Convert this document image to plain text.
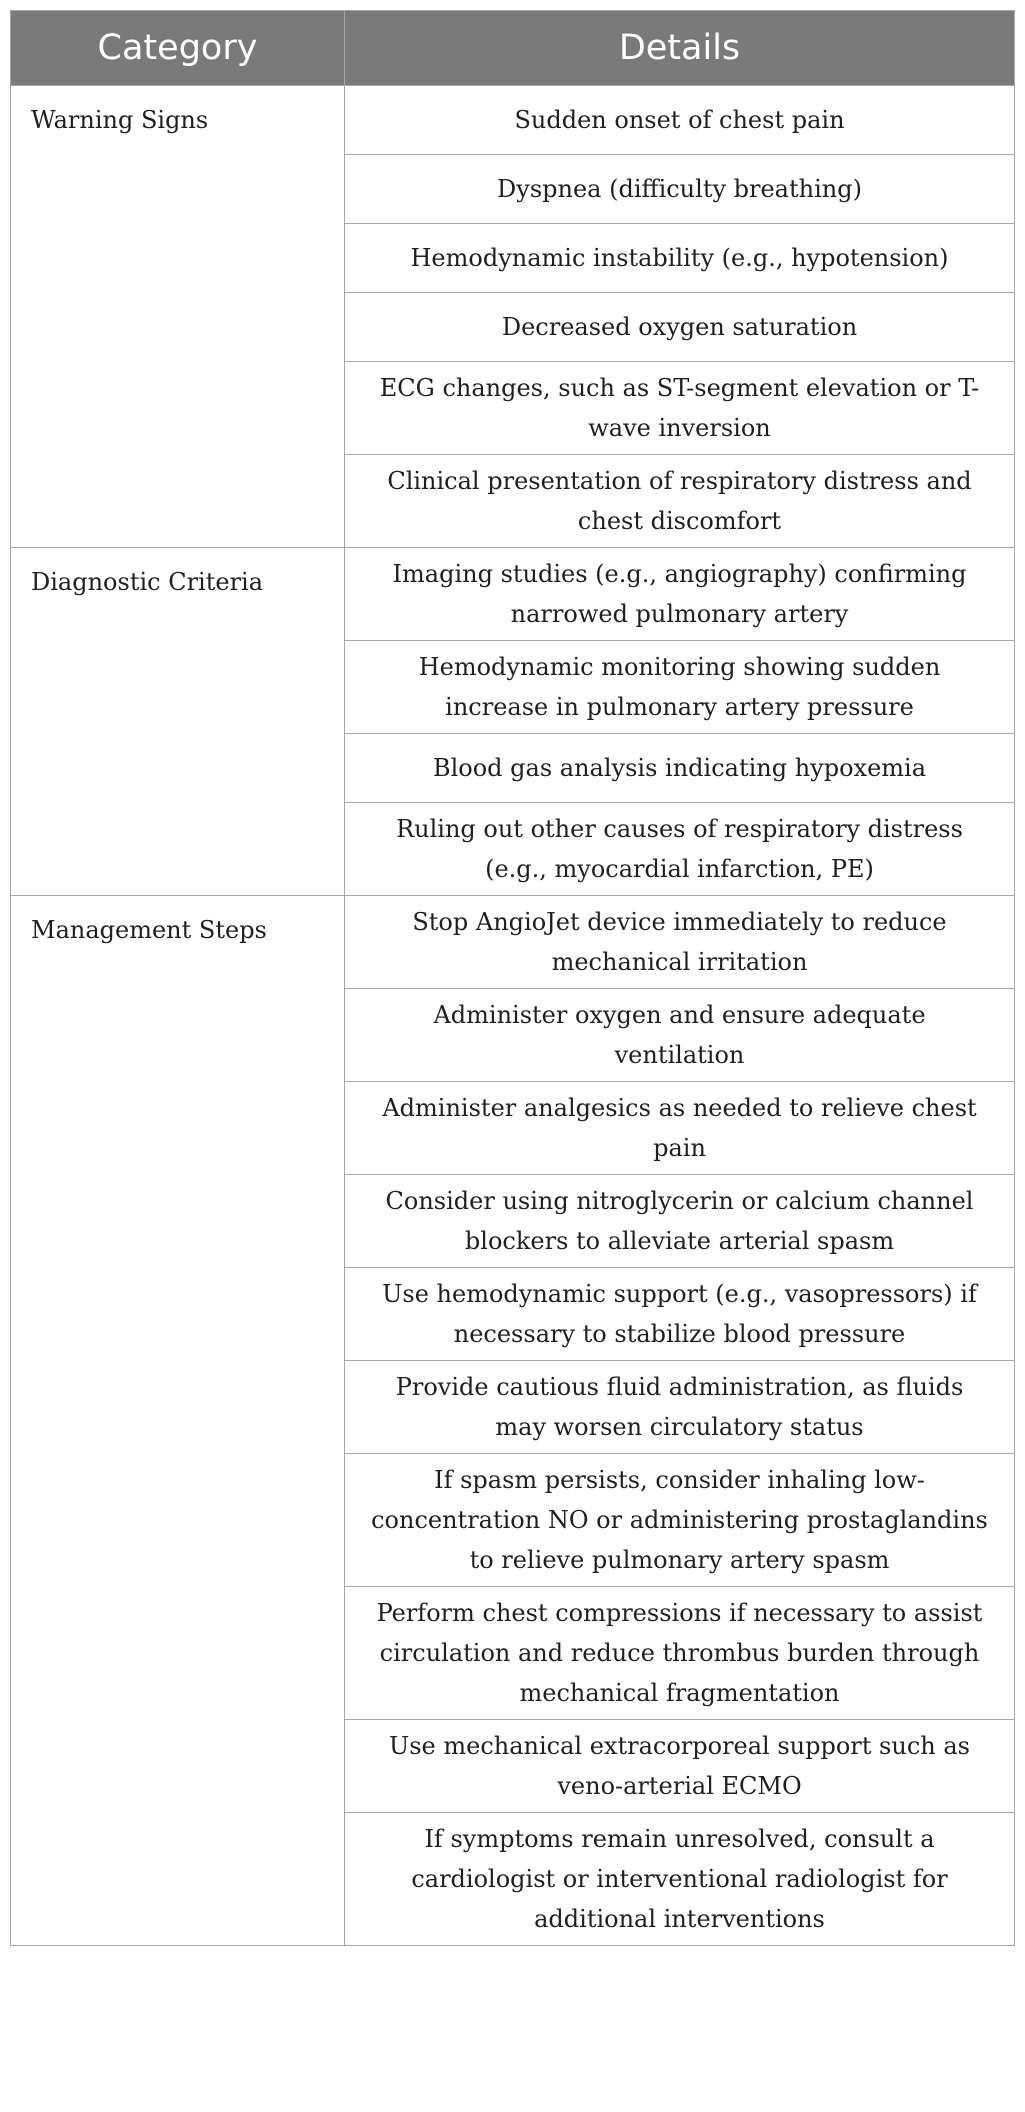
Category	Details
Warning Signs	Sudden onset of chest pain
	Dyspnea (difficulty breathing)
	Hemodynamic instability (e.g., hypotension)
	Decreased oxygen saturation
	ECG changes, such as ST-segment elevation or T-wave inversion
	Clinical presentation of respiratory distress and chest discomfort
Diagnostic Criteria	Imaging studies (e.g., angiography) confirming narrowed pulmonary artery
	Hemodynamic monitoring showing sudden increase in pulmonary artery pressure
	Blood gas analysis indicating hypoxemia
	Ruling out other causes of respiratory distress (e.g., myocardial infarction, PE)
Management Steps	Stop AngioJet device immediately to reduce mechanical irritation
	Administer oxygen and ensure adequate ventilation
	Administer analgesics as needed to relieve chest pain
	Consider using nitroglycerin or calcium channel blockers to alleviate arterial spasm
	Use hemodynamic support (e.g., vasopressors) if necessary to stabilize blood pressure
	Provide cautious fluid administration, as fluids may worsen circulatory status
	If spasm persists, consider inhaling low-concentration NO or administering prostaglandins to relieve pulmonary artery spasm
	Perform chest compressions if necessary to assist circulation and reduce thrombus burden through mechanical fragmentation
	Use mechanical extracorporeal support such as veno-arterial ECMO
	If symptoms remain unresolved, consult a cardiologist or interventional radiologist for additional interventions
